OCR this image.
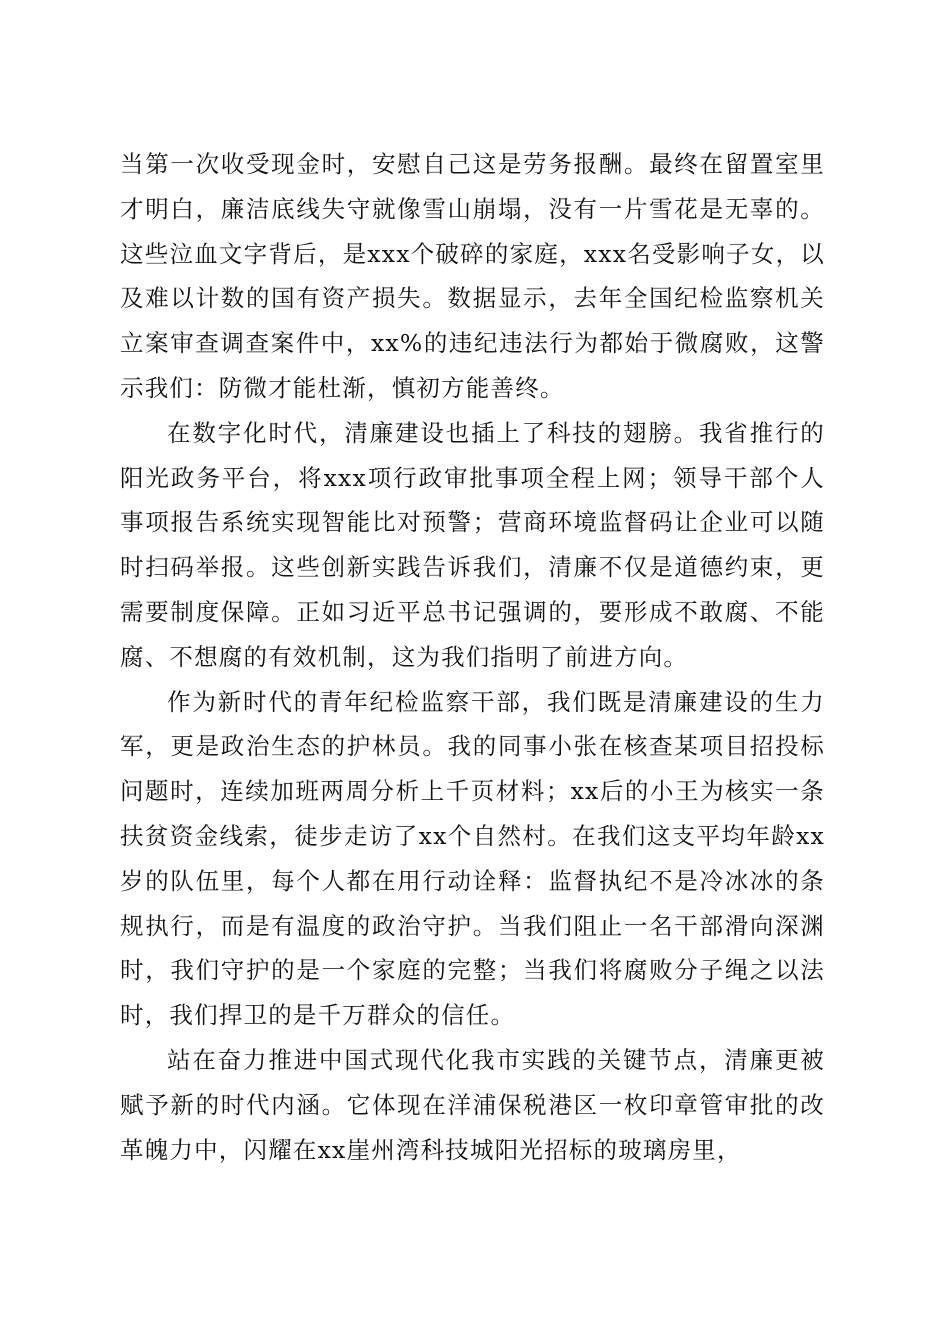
当第一次收受现金时，安慰自己这是劳务报酬。最终在留置室里才明白，廉洁底线失守就像雪山崩塌，没有一片雪花是无辜的。这些泣血文字背后，是xxx个破碎的家庭，xxx名受影响子女，以及难以计数的国有资产损失。数据显示，去年全国纪检监察机关立案审查调查案件中，xx%的违纪违法行为都始于微腐败，这警示我们：防微才能杜渐，慎初方能善终。

在数字化时代，清廉建设也插上了科技的翅膀。我省推行的阳光政务平台，将xxx项行政审批事项全程上网；领导干部个人事项报告系统实现智能比对预警；营商环境监督码让企业可以随时扫码举报。这些创新实践告诉我们，清廉不仅是道德约束，更需要制度保障。正如习近平总书记强调的，要形成不敢腐、不能腐、不想腐的有效机制，这为我们指明了前进方向。

作为新时代的青年纪检监察干部，我们既是清廉建设的生力军，更是政治生态的护林员。我的同事小张在核查某项目招投标问题时，连续加班两周分析上千页材料；xx后的小王为核实一条扶贫资金线索，徒步走访了xx个自然村。在我们这支平均年龄xx岁的队伍里，每个人都在用行动诠释：监督执纪不是冷冰冰的条规执行，而是有温度的政治守护。当我们阻止一名干部滑向深渊时，我们守护的是一个家庭的完整；当我们将腐败分子绳之以法时，我们捍卫的是千万群众的信任。

站在奋力推进中国式现代化我市实践的关键节点，清廉更被赋予新的时代内涵。它体现在洋浦保税港区一枚印章管审批的改革魄力中，闪耀在xx崖州湾科技城阳光招标的玻璃房里，
